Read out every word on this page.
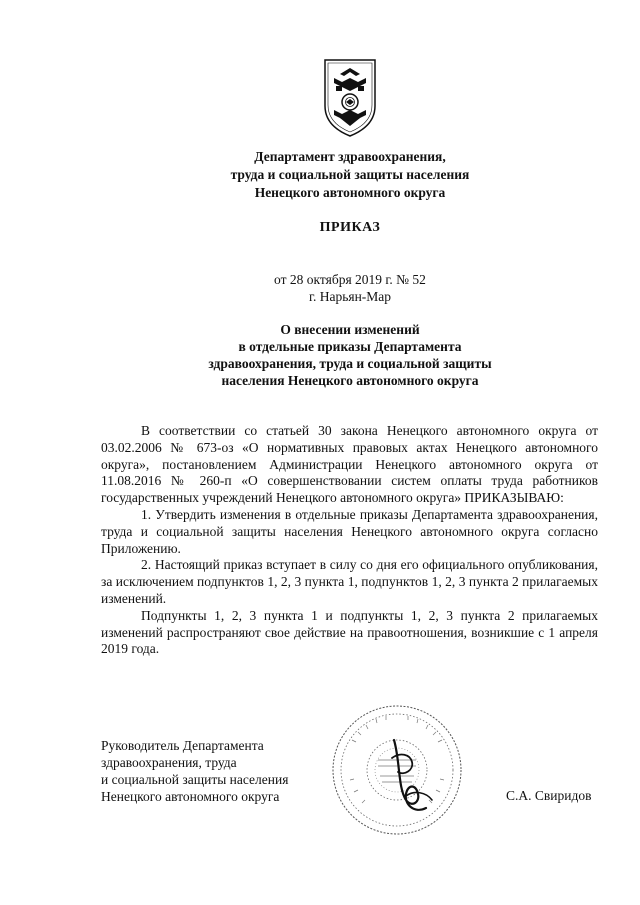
Департамент здравоохранения,
труда и социальной защиты населения
Ненецкого автономного округа
ПРИКАЗ
от 28 октября 2019 г. № 52
г. Нарьян-Мар
О внесении изменений
в отдельные приказы Департамента
здравоохранения, труда и социальной защиты
населения Ненецкого автономного округа

В соответствии со статьей 30 закона Ненецкого автономного округа от 03.02.2006 № 673-оз «О нормативных правовых актах Ненецкого автономного округа», постановлением Администрации Ненецкого автономного округа от 11.08.2016 № 260-п «О совершенствовании систем оплаты труда работников государственных учреждений Ненецкого автономного округа» ПРИКАЗЫВАЮ:

1. Утвердить изменения в отдельные приказы Департамента здравоохранения, труда и социальной защиты населения Ненецкого автономного округа согласно Приложению.

2. Настоящий приказ вступает в силу со дня его официального опубликования, за исключением подпунктов 1, 2, 3 пункта 1, подпунктов 1, 2, 3 пункта 2 прилагаемых изменений.

Подпункты 1, 2, 3 пункта 1 и подпункты 1, 2, 3 пункта 2 прилагаемых изменений распространяют свое действие на правоотношения, возникшие с 1 апреля 2019 года.

Руководитель Департамента
здравоохранения, труда
и социальной защиты населения
Ненецкого автономного округа	С.А. Свиридов
